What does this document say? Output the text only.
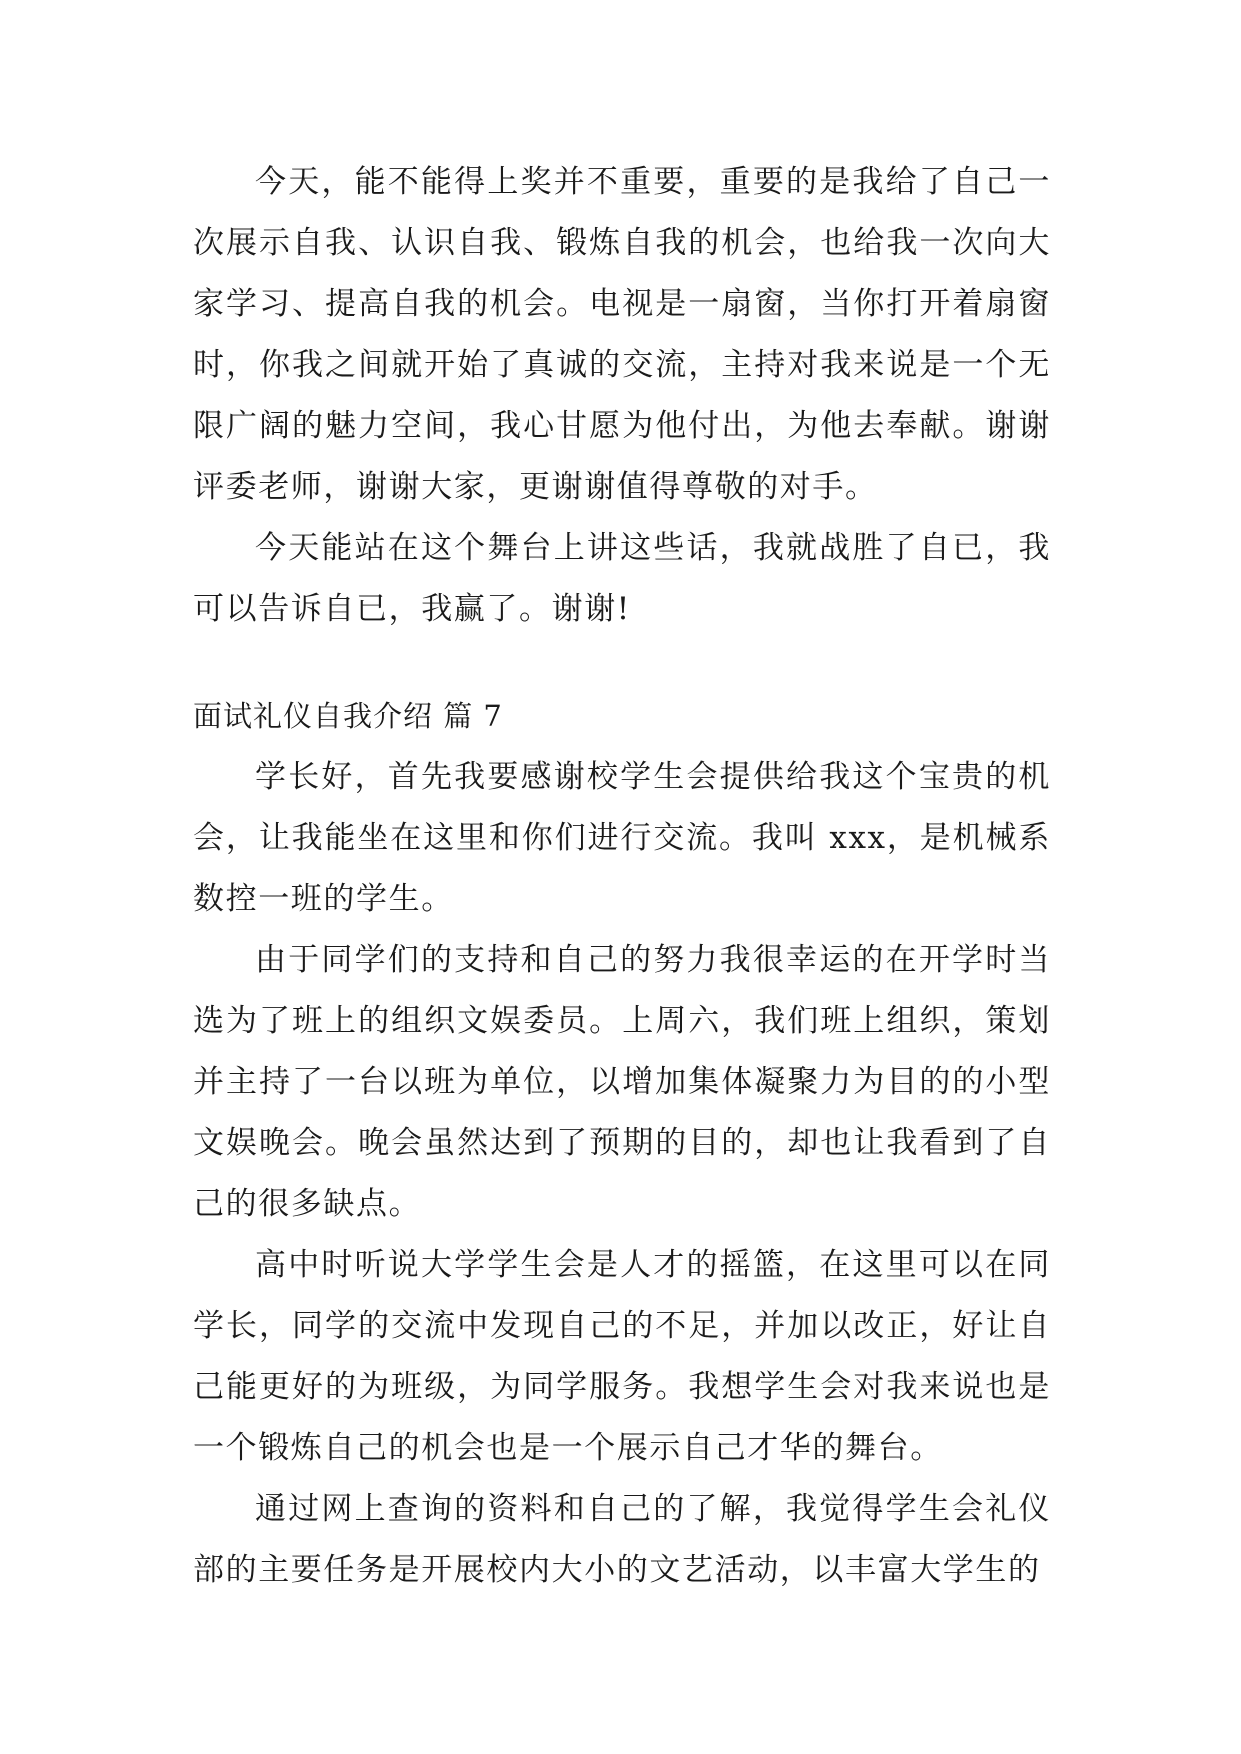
今天，能不能得上奖并不重要，重要的是我给了自己一次展示自我、认识自我、锻炼自我的机会，也给我一次向大家学习、提高自我的机会。电视是一扇窗，当你打开着扇窗时，你我之间就开始了真诚的交流，主持对我来说是一个无限广阔的魅力空间，我心甘愿为他付出，为他去奉献。谢谢评委老师，谢谢大家，更谢谢值得尊敬的对手。

今天能站在这个舞台上讲这些话，我就战胜了自已，我可以告诉自已，我赢了。谢谢!

面试礼仪自我介绍 篇 7

学长好，首先我要感谢校学生会提供给我这个宝贵的机会，让我能坐在这里和你们进行交流。我叫 xxx，是机械系数控一班的学生。

由于同学们的支持和自己的努力我很幸运的在开学时当选为了班上的组织文娱委员。上周六，我们班上组织，策划并主持了一台以班为单位，以增加集体凝聚力为目的的小型文娱晚会。晚会虽然达到了预期的目的，却也让我看到了自己的很多缺点。

高中时听说大学学生会是人才的摇篮，在这里可以在同学长，同学的交流中发现自己的不足，并加以改正，好让自己能更好的为班级，为同学服务。我想学生会对我来说也是一个锻炼自己的机会也是一个展示自己才华的舞台。

通过网上查询的资料和自己的了解，我觉得学生会礼仪部的主要任务是开展校内大小的文艺活动，以丰富大学生的
